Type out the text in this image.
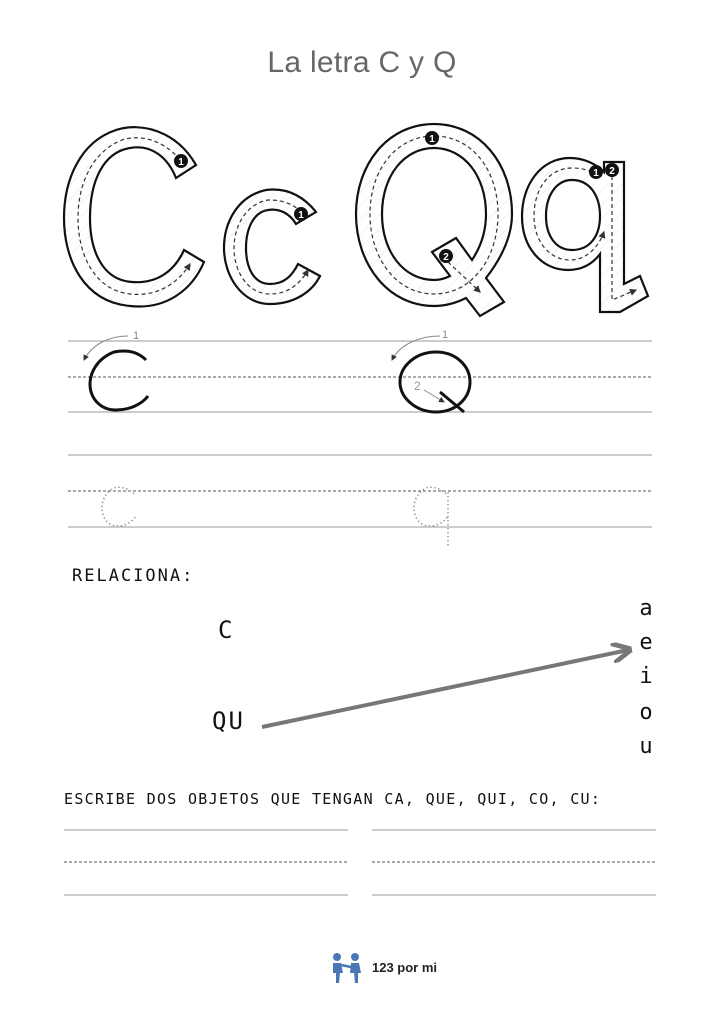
La letra C y Q
1
1
1
2
1 2
1	1
2
RELACIONA:
C
QU
a
e
i
o
u
ESCRIBE DOS OBJETOS QUE TENGAN CA, QUE, QUI, CO, CU:
123 por mi
